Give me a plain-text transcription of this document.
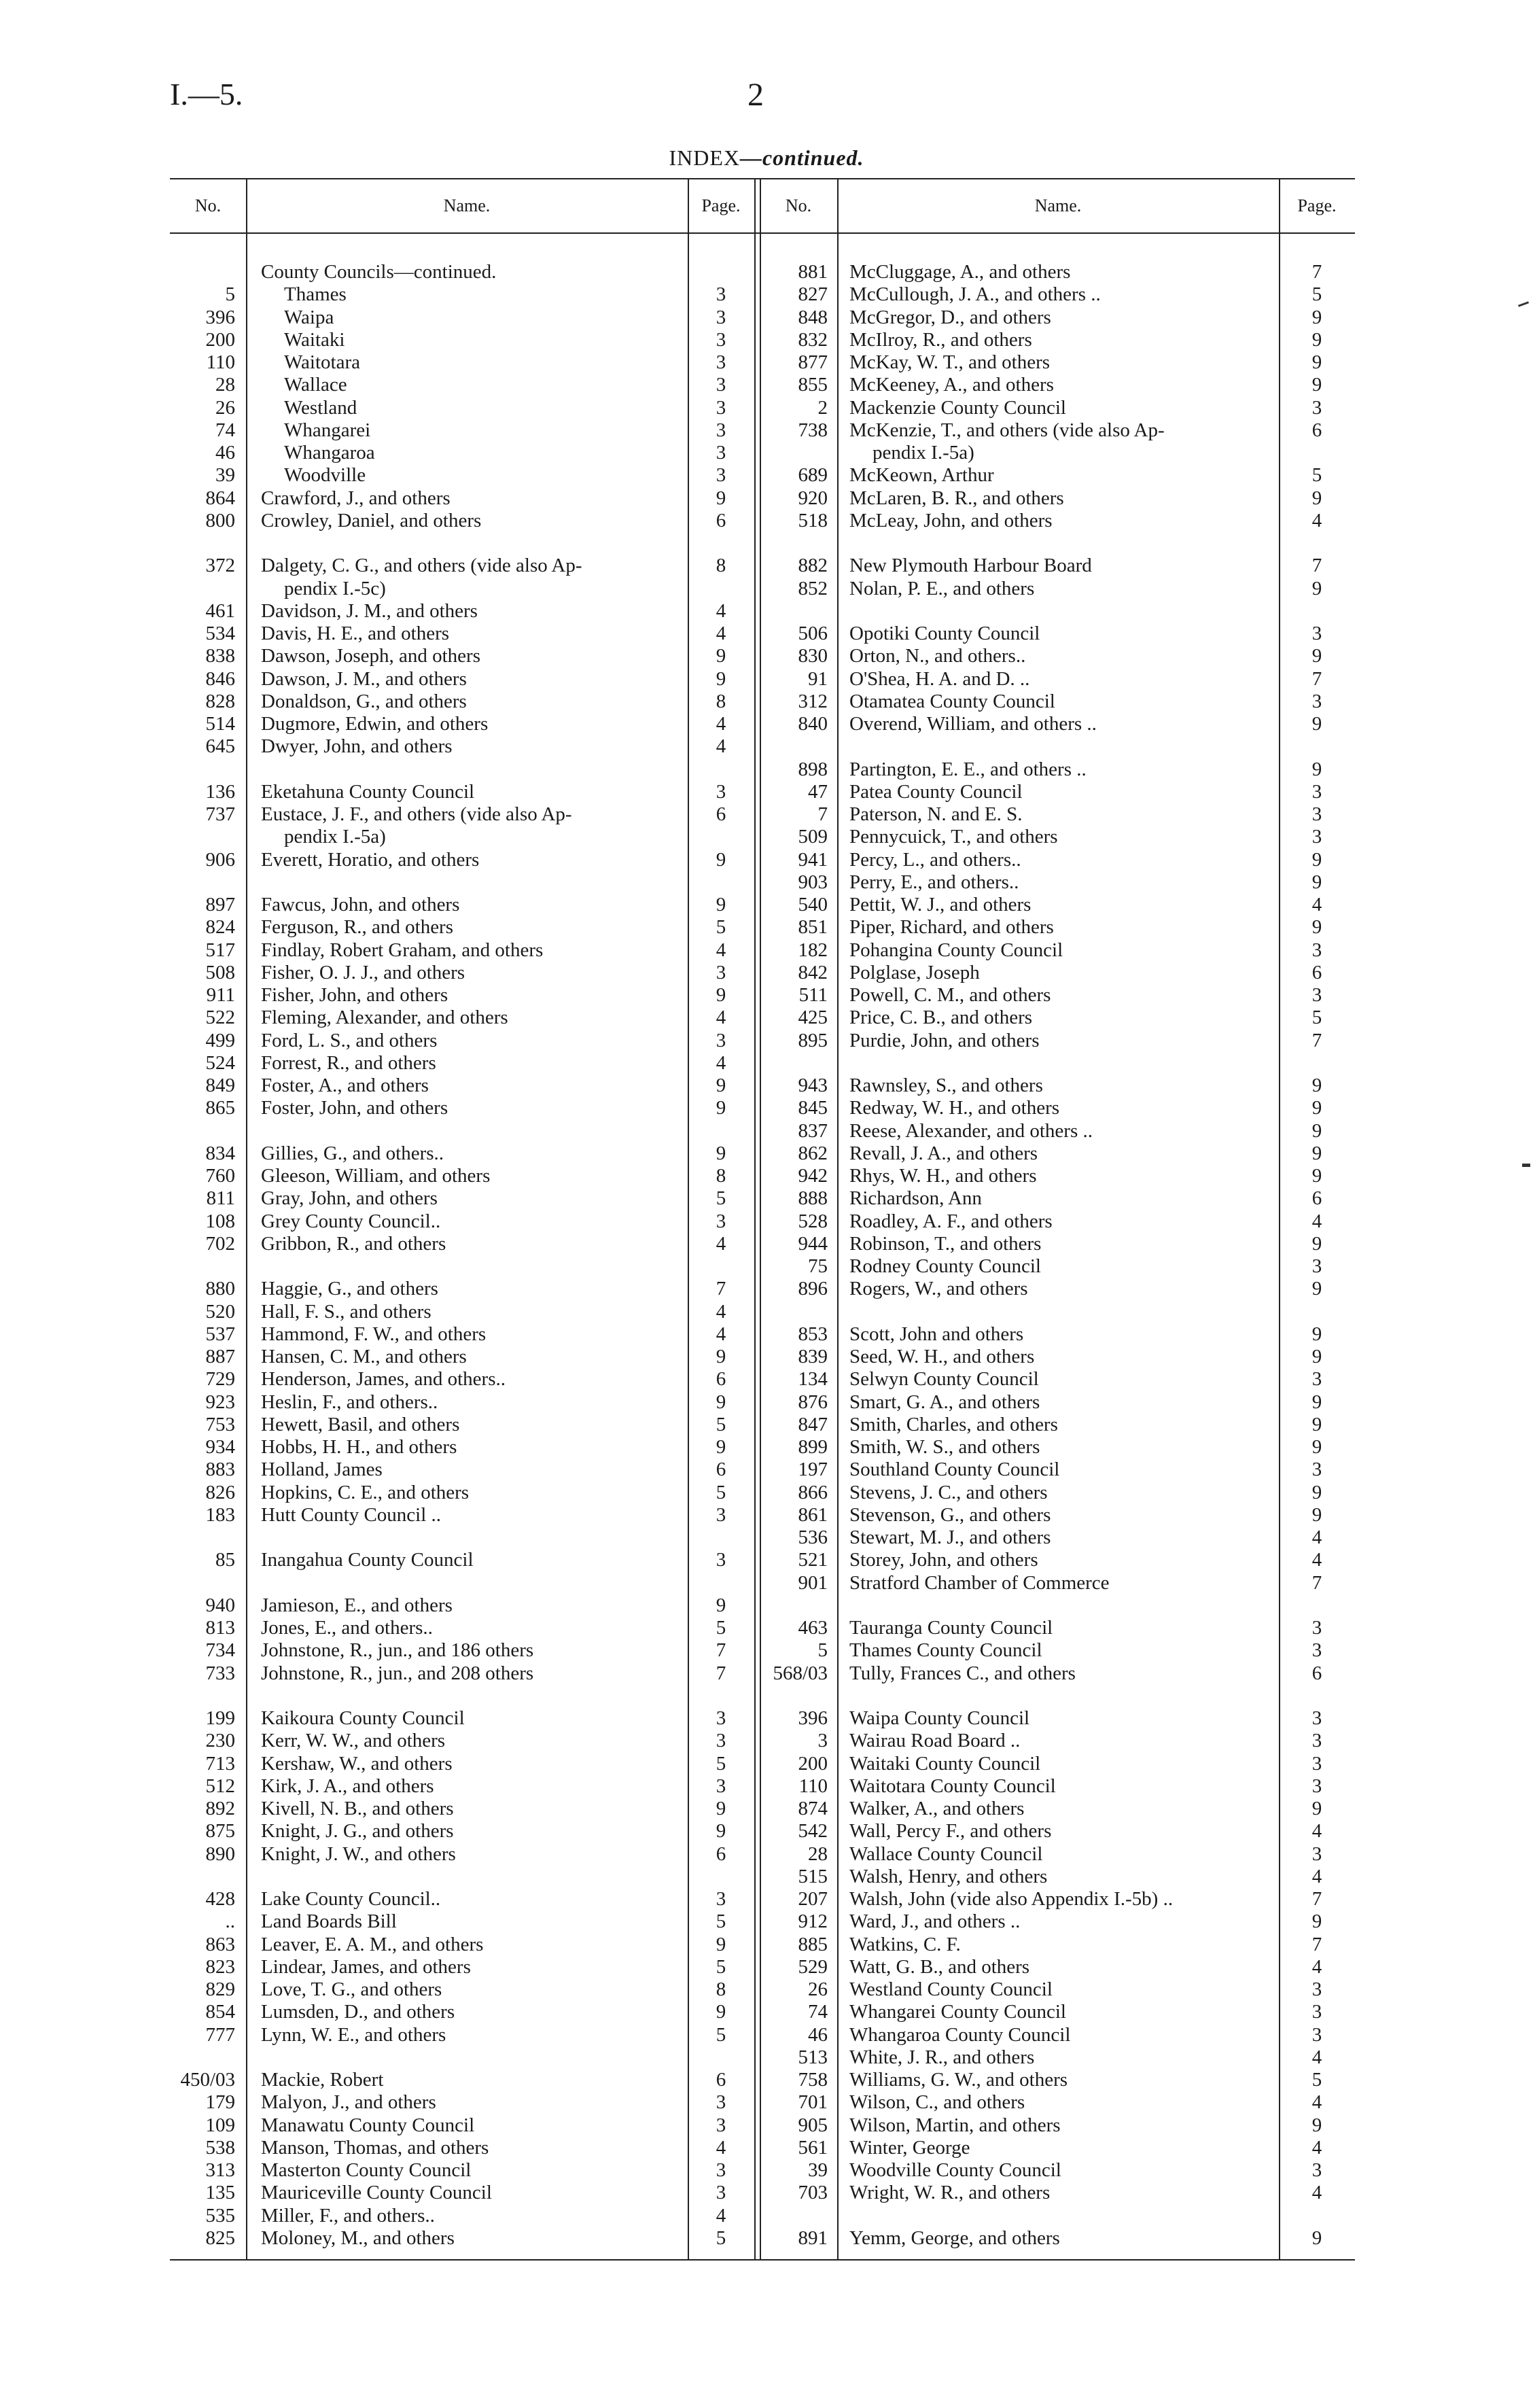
I.—5.	2
INDEX—continued.
No.	Name.	Page.	No.	Name.	Page.
County Councils—continued.
5 Thames	3
396 Waipa	3
200 Waitaki	3
110 Waitotara	3
28 Wallace	3
26 Westland	3
74 Whangarei	3
46 Whangaroa	3
39 Woodville	3
864 Crawford, J., and others	9
800 Crowley, Daniel, and others	6
372 Dalgety, C. G., and others (vide also Ap-	8
pendix I.-5c)
461 Davidson, J. M., and others	4
534 Davis, H. E., and others	4
838 Dawson, Joseph, and others	9
846 Dawson, J. M., and others	9
828 Donaldson, G., and others	8
514 Dugmore, Edwin, and others	4
645 Dwyer, John, and others	4
136 Eketahuna County Council	3
737 Eustace, J. F., and others (vide also Ap-	6
pendix I.-5a)
906 Everett, Horatio, and others	9
897 Fawcus, John, and others	9
824 Ferguson, R., and others	5
517 Findlay, Robert Graham, and others	4
508 Fisher, O. J. J., and others	3
911 Fisher, John, and others	9
522 Fleming, Alexander, and others	4
499 Ford, L. S., and others	3
524 Forrest, R., and others	4
849 Foster, A., and others	9
865 Foster, John, and others	9
834 Gillies, G., and others..	9
760 Gleeson, William, and others	8
811 Gray, John, and others	5
108 Grey County Council..	3
702 Gribbon, R., and others	4
880 Haggie, G., and others	7
520 Hall, F. S., and others	4
537 Hammond, F. W., and others	4
887 Hansen, C. M., and others	9
729 Henderson, James, and others..	6
923 Heslin, F., and others..	9
753 Hewett, Basil, and others	5
934 Hobbs, H. H., and others	9
883 Holland, James	6
826 Hopkins, C. E., and others	5
183 Hutt County Council ..	3
85 Inangahua County Council	3
940 Jamieson, E., and others	9
813 Jones, E., and others..	5
734 Johnstone, R., jun., and 186 others	7
733 Johnstone, R., jun., and 208 others	7
199 Kaikoura County Council	3
230 Kerr, W. W., and others	3
713 Kershaw, W., and others	5
512 Kirk, J. A., and others	3
892 Kivell, N. B., and others	9
875 Knight, J. G., and others	9
890 Knight, J. W., and others	6
428 Lake County Council..	3
.. Land Boards Bill	5
863 Leaver, E. A. M., and others	9
823 Lindear, James, and others	5
829 Love, T. G., and others	8
854 Lumsden, D., and others	9
777 Lynn, W. E., and others	5
450/03 Mackie, Robert	6
179 Malyon, J., and others	3
109 Manawatu County Council	3
538 Manson, Thomas, and others	4
313 Masterton County Council	3
135 Mauriceville County Council	3
535 Miller, F., and others..	4
825 Moloney, M., and others	5
881 McCluggage, A., and others	7
827 McCullough, J. A., and others ..	5
848 McGregor, D., and others	9
832 McIlroy, R., and others	9
877 McKay, W. T., and others	9
855 McKeeney, A., and others	9
2 Mackenzie County Council	3
738 McKenzie, T., and others (vide also Ap-	6
pendix I.-5a)
689 McKeown, Arthur	5
920 McLaren, B. R., and others	9
518 McLeay, John, and others	4
882 New Plymouth Harbour Board	7
852 Nolan, P. E., and others	9
506 Opotiki County Council	3
830 Orton, N., and others..	9
91 O'Shea, H. A. and D. ..	7
312 Otamatea County Council	3
840 Overend, William, and others ..	9
898 Partington, E. E., and others ..	9
47 Patea County Council	3
7 Paterson, N. and E. S.	3
509 Pennycuick, T., and others	3
941 Percy, L., and others..	9
903 Perry, E., and others..	9
540 Pettit, W. J., and others	4
851 Piper, Richard, and others	9
182 Pohangina County Council	3
842 Polglase, Joseph	6
511 Powell, C. M., and others	3
425 Price, C. B., and others	5
895 Purdie, John, and others	7
943 Rawnsley, S., and others	9
845 Redway, W. H., and others	9
837 Reese, Alexander, and others ..	9
862 Revall, J. A., and others	9
942 Rhys, W. H., and others	9
888 Richardson, Ann	6
528 Roadley, A. F., and others	4
944 Robinson, T., and others	9
75 Rodney County Council	3
896 Rogers, W., and others	9
853 Scott, John and others	9
839 Seed, W. H., and others	9
134 Selwyn County Council	3
876 Smart, G. A., and others	9
847 Smith, Charles, and others	9
899 Smith, W. S., and others	9
197 Southland County Council	3
866 Stevens, J. C., and others	9
861 Stevenson, G., and others	9
536 Stewart, M. J., and others	4
521 Storey, John, and others	4
901 Stratford Chamber of Commerce	7
463 Tauranga County Council	3
5 Thames County Council	3
568/03 Tully, Frances C., and others	6
396 Waipa County Council	3
3 Wairau Road Board ..	3
200 Waitaki County Council	3
110 Waitotara County Council	3
874 Walker, A., and others	9
542 Wall, Percy F., and others	4
28 Wallace County Council	3
515 Walsh, Henry, and others	4
207 Walsh, John (vide also Appendix I.-5b) ..	7
912 Ward, J., and others ..	9
885 Watkins, C. F.	7
529 Watt, G. B., and others	4
26 Westland County Council	3
74 Whangarei County Council	3
46 Whangaroa County Council	3
513 White, J. R., and others	4
758 Williams, G. W., and others	5
701 Wilson, C., and others	4
905 Wilson, Martin, and others	9
561 Winter, George	4
39 Woodville County Council	3
703 Wright, W. R., and others	4
891 Yemm, George, and others	9
